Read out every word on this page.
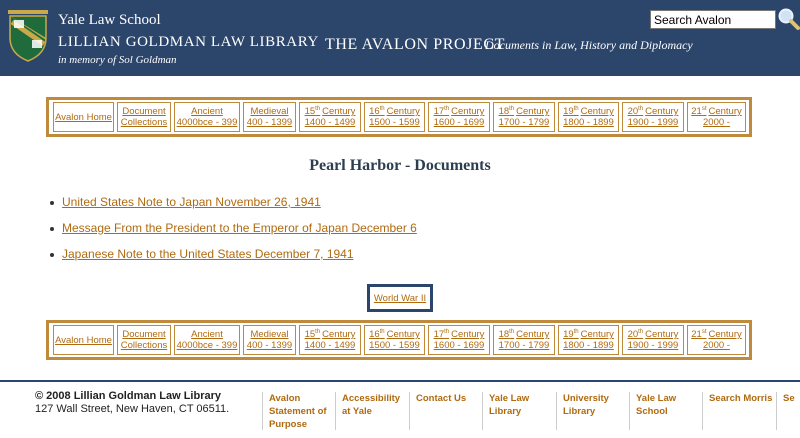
Yale Law School
LILLIAN GOLDMAN LAW LIBRARY
in memory of Sol Goldman
THE AVALON PROJECT
Documents in Law, History and Diplomacy
Search Avalon
Avalon Home Document
Collections
Ancient
4000bce - 399
Medieval
400 - 1399
15th Century
1400 - 1499
16th Century
1500 - 1599
17th Century
1600 - 1699
18th Century
1700 - 1799
19th Century
1800 - 1899
20th Century
1900 - 1999
21st Century
2000 -
Pearl Harbor - Documents
United States Note to Japan November 26, 1941
Message From the President to the Emperor of Japan December 6
Japanese Note to the United States December 7, 1941
World War II
Avalon Home Document
Collections
Ancient
4000bce - 399
Medieval
400 - 1399
15th Century
1400 - 1499
16th Century
1500 - 1599
17th Century
1600 - 1699
18th Century
1700 - 1799
19th Century
1800 - 1899
20th Century
1900 - 1999
21st Century
2000 -
© 2008 Lillian Goldman Law Library
127 Wall Street, New Haven, CT 06511.
Avalon
Statement of
Purpose
Accessibility
at Yale
Contact Us	Yale Law
Library
University
Library
Yale Law
School
Search Morris	Se
